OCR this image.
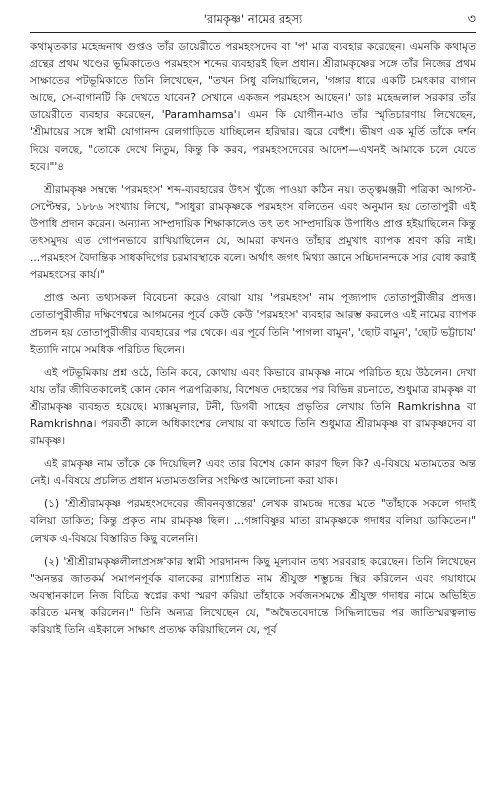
'রামকৃষ্ণ' নামের রহস্য	৩

কথামৃতকার মহেন্দ্রনাথ গুপ্তও তাঁর ডায়েরীতে পরমহংসদেব বা 'প' মাত্র ব্যবহার করেছেন। এমনকি কথামৃত গ্রন্থের প্রথম খণ্ডের ভূমিকাতেও পরমহংস শব্দের ব্যবহারই ছিল প্রধান। শ্রীরামকৃষ্ণের সঙ্গে তাঁর নিজের প্রথম সাক্ষাতের পটভূমিকাতে তিনি লিখেছেন, "তখন সিধু বলিয়াছিলেন, 'গঙ্গার ধারে একটি চমৎকার বাগান আছে, সে-বাগানটি কি দেখতে যাবেন? সেখানে একজন পরমহংস আছেন।' ডাঃ মহেন্দ্রলাল সরকার তাঁর ডায়েরীতে ব্যবহার করেছেন, 'Paramhamsa'। এমন কি যোগীন-মাও তাঁর স্মৃতিচারণায় লিখেছেন, 'শ্রীমায়ের সঙ্গে স্বামী যোগানন্দ রেলগাড়িতে যাচ্ছিলেন হরিদ্বার। জ্বরে বেহুঁশ। ভীষণ এক মূর্তি তাঁকে দর্শন দিয়ে বলছে, "তোকে দেখে নিতুম, কিন্তু কি করব, পরমহংসদেবের আদেশ—এখনই আমাকে চলে যেতে হবে।"'৪

শ্রীরামকৃষ্ণ সম্বন্ধে 'পরমহংস' শব্দ-ব্যবহারের উৎস খুঁজে পাওয়া কঠিন নয়। তত্ত্বমঞ্জরী পত্রিকা আগস্ট-সেপ্টেম্বর, ১৮৮৬ সংখ্যায় লিখে, "সাধুরা রামকৃষ্ণকে পরমহংস বলিতেন এবং অনুমান হয় তোতাপুরী এই উপাধি প্রদান করেন। অন্যান্য সাম্প্রদায়িক শিক্ষাকালেও তৎ তৎ সাম্প্রদায়িক উপাধিও প্রাপ্ত হইয়াছিলেন কিন্তু তৎসমুদয় এত গোপনভাবে রাখিয়াছিলেন যে, আমরা কখনও তাঁহার প্রমুখাৎ ব্যাপক শ্রবণ করি নাই। ...পরমহংস বৈদান্তিক সাধকদিগের চরমাবস্থাকে বলে। অর্থাৎ জগৎ মিথ্যা জ্ঞানে সচ্চিদানন্দকে সার বোধ করাই পরমহংসের কার্য।"

প্রাপ্ত অন্য তথ্যসকল বিবেচনা করেও বোঝা যায় 'পরমহংস' নাম পূজ্যপাদ তোতাপুরীজীর প্রদত্ত। তোতাপুরীজীর দক্ষিণেশ্বরে আগমনের পূর্বে কেউ কেউ 'পরমহংস' ব্যবহার আরম্ভ করলেও এই নামের ব্যাপক প্রচলন হয় তোতাপুরীজীর ব্যবহারের পর থেকে। এর পূর্বে তিনি 'পাগলা বামুন', 'ছোট বামুন', 'ছোট ভট্টাচায' ইত্যাদি নামে সমধিক পরিচিত ছিলেন।

এই পটভূমিকায় প্রশ্ন ওঠে, তিনি কবে, কোথায় এবং কিভাবে রামকৃষ্ণ নামে পরিচিত হয়ে উঠলেন। দেখা যায় তাঁর জীবিতকালেই কোন কোন পত্রপত্রিকায়, বিশেষত দেহান্তের পর বিভিন্ন রচনাতে, শুধুমাত্র রামকৃষ্ণ বা শ্রীরামকৃষ্ণ ব্যবহৃত হয়েছে। ম্যাক্সমূলার, টনী, ডিগবী সাহেব প্রভৃতির লেখায় তিনি Ramkrishna বা Ramkrishna। পরবর্তী কালে অধিকাংশের লেখায় বা কথাতে তিনি শুধুমাত্র শ্রীরামকৃষ্ণ বা রামকৃষ্ণদেব বা রামকৃষ্ণ।

এই রামকৃষ্ণ নাম তাঁকে কে দিয়েছিল? এবং তার বিশেষ কোন কারণ ছিল কি? এ-বিষয়ে মতামতের অন্ত নেই। এ-বিষয়ে প্রচলিত প্রধান মতামতগুলির সংক্ষিপ্ত আলোচনা করা যাক।

(১) 'শ্রীশ্রীরামকৃষ্ণ পরমহংসদেবের জীবনবৃত্তান্তের' লেখক রামচন্দ্র দত্তের মতে "তাঁহাকে সকলে গদাই বলিয়া ডাকিত; কিন্তু প্রকৃত নাম রামকৃষ্ণ ছিল। ...গঙ্গাবিষ্ণুর মাতা রামকৃষ্ণকে গদাধর বলিয়া ডাকিতেন।" লেখক এ-বিষয়ে বিস্তারিত কিছু বলেননি।

(২) 'শ্রীশ্রীরামকৃষ্ণলীলাপ্রসঙ্গ'কার স্বামী সারদানন্দ কিছু মূল্যবান তথ্য সরবরাহ করেছেন। তিনি লিখেছেন "অনন্তর জাতকর্ম সমাপনপূর্বক বালকের রাশ্যাশ্রিত নাম শ্রীযুক্ত শম্ভুচন্দ্র স্থির করিলেন এবং গয়াধামে অবস্থানকালে নিজ বিচিত্র স্বপ্নের কথা স্মরণ করিয়া তাঁহাকে সর্বজনসমক্ষে শ্রীযুক্ত গদাধর নামে অভিহিত করিতে মনস্থ করিলেন।" তিনি অন্যত্র লিখেছেন যে, "অদ্বৈতবেদান্তে সিদ্ধিলাভের পর জাতিস্মরত্বলাভ করিয়াই তিনি এইকালে সাক্ষাৎ প্রত্যক্ষ করিয়াছিলেন যে, পূর্ব
